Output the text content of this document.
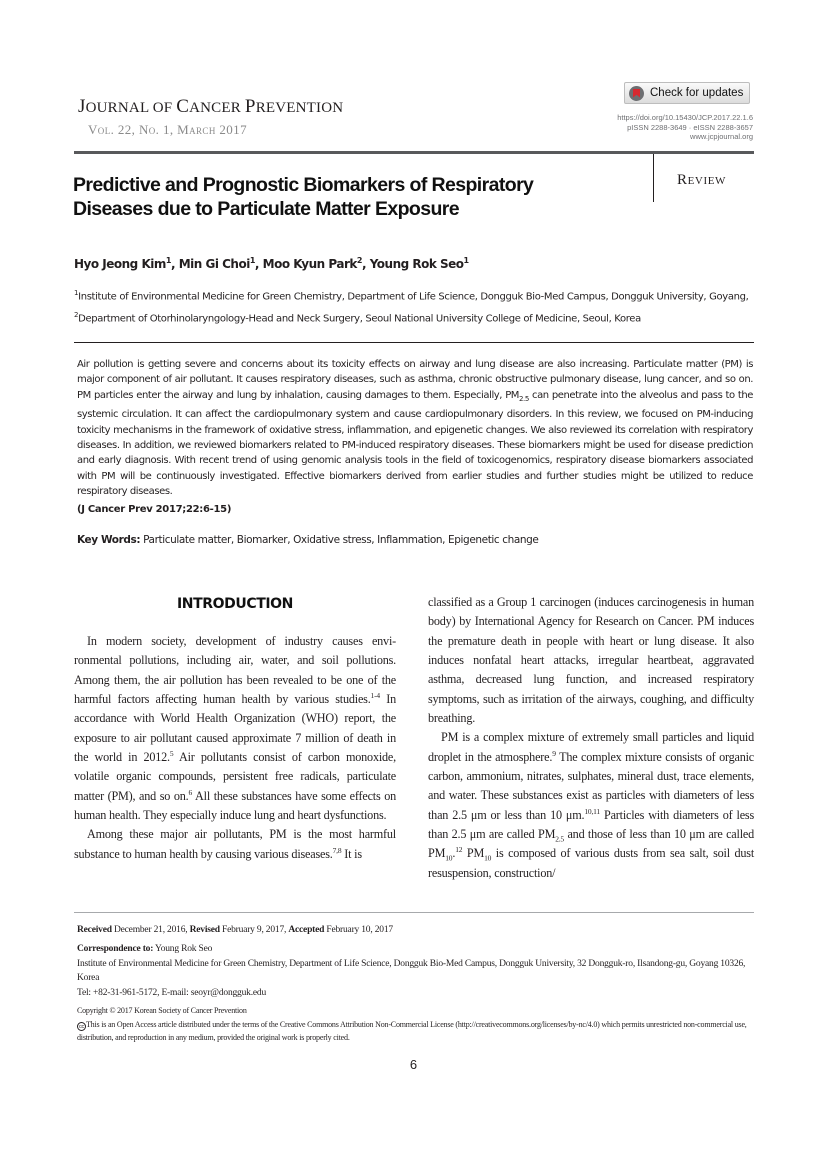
JOURNAL OF CANCER PREVENTION
Vol. 22, No. 1, March 2017
Check for updates
https://doi.org/10.15430/JCP.2017.22.1.6
pISSN 2288-3649 · eISSN 2288-3657
www.jcpjournal.org
Review
Predictive and Prognostic Biomarkers of Respiratory
Diseases due to Particulate Matter Exposure
Hyo Jeong Kim$^1$, Min Gi Choi$^1$, Moo Kyun Park$^2$, Young Rok Seo$^1$
$^1$Institute of Environmental Medicine for Green Chemistry, Department of Life Science, Dongguk Bio-Med Campus, Dongguk University, Goyang,
$^2$Department of Otorhinolaryngology-Head and Neck Surgery, Seoul National University College of Medicine, Seoul, Korea
Air pollution is getting severe and concerns about its toxicity effects on airway and lung disease are also increasing. Particulate matter (PM) is major component of air pollutant. It causes respiratory diseases, such as asthma, chronic obstructive pulmonary disease, lung cancer, and so on. PM particles enter the airway and lung by inhalation, causing damages to them. Especially, $PM_{2.5}$ can penetrate into the alveolus and pass to the systemic circulation. It can affect the cardiopulmonary system and cause cardiopulmonary disorders. In this review, we focused on PM-inducing toxicity mechanisms in the framework of oxidative stress, inflammation, and epigenetic changes. We also reviewed its correlation with respiratory diseases. In addition, we reviewed biomarkers related to PM-induced respiratory diseases. These biomarkers might be used for disease prediction and early diagnosis. With recent trend of using genomic analysis tools in the field of toxicogenomics, respiratory disease biomarkers associated with PM will be continuously investigated. Effective biomarkers derived from earlier studies and further studies might be utilized to reduce respiratory diseases.
(J Cancer Prev 2017;22:6-15)
Key Words: Particulate matter, Biomarker, Oxidative stress, Inflammation, Epigenetic change
INTRODUCTION

In modern society, development of industry causes envi-ronmental pollutions, including air, water, and soil pollutions. Among them, the air pollution has been revealed to be one of the harmful factors affecting human health by various studies.$^{1-4}$ In accordance with World Health Organization (WHO) report, the exposure to air pollutant caused approximate 7 million of death in the world in 2012.$^5$ Air pollutants consist of carbon monoxide, volatile organic compounds, persistent free radicals, particulate matter (PM), and so on.$^6$ All these substances have some effects on human health. They especially induce lung and heart dysfunctions.

Among these major air pollutants, PM is the most harmful substance to human health by causing various diseases.$^{7,8}$ It is

classified as a Group 1 carcinogen (induces carcinogenesis in human body) by International Agency for Research on Cancer. PM induces the premature death in people with heart or lung disease. It also induces nonfatal heart attacks, irregular heartbeat, aggravated asthma, decreased lung function, and increased respiratory symptoms, such as irritation of the airways, coughing, and difficulty breathing.

PM is a complex mixture of extremely small particles and liquid droplet in the atmosphere.$^9$ The complex mixture consists of organic carbon, ammonium, nitrates, sulphates, mineral dust, trace elements, and water. These substances exist as particles with diameters of less than 2.5 μm or less than 10 μm.$^{10,11}$ Particles with diameters of less than 2.5 μm are called $PM_{2.5}$ and those of less than 10 μm are called $PM_{10}.^{12}$ $PM_{10}$ is composed of various dusts from sea salt, soil dust resuspension, construction/

Received December 21, 2016, Revised February 9, 2017, Accepted February 10, 2017
Correspondence to: Young Rok Seo
Institute of Environmental Medicine for Green Chemistry, Department of Life Science, Dongguk Bio-Med Campus, Dongguk University, 32 Dongguk-ro, Ilsandong-gu, Goyang 10326, Korea
Tel: +82-31-961-5172, E-mail: seoyr@dongguk.edu
Copyright © 2017 Korean Society of Cancer Prevention
cc This is an Open Access article distributed under the terms of the Creative Commons Attribution Non-Commercial License (http://creativecommons.org/licenses/by-nc/4.0) which permits unrestricted non-commercial use, distribution, and reproduction in any medium, provided the original work is properly cited.
6
